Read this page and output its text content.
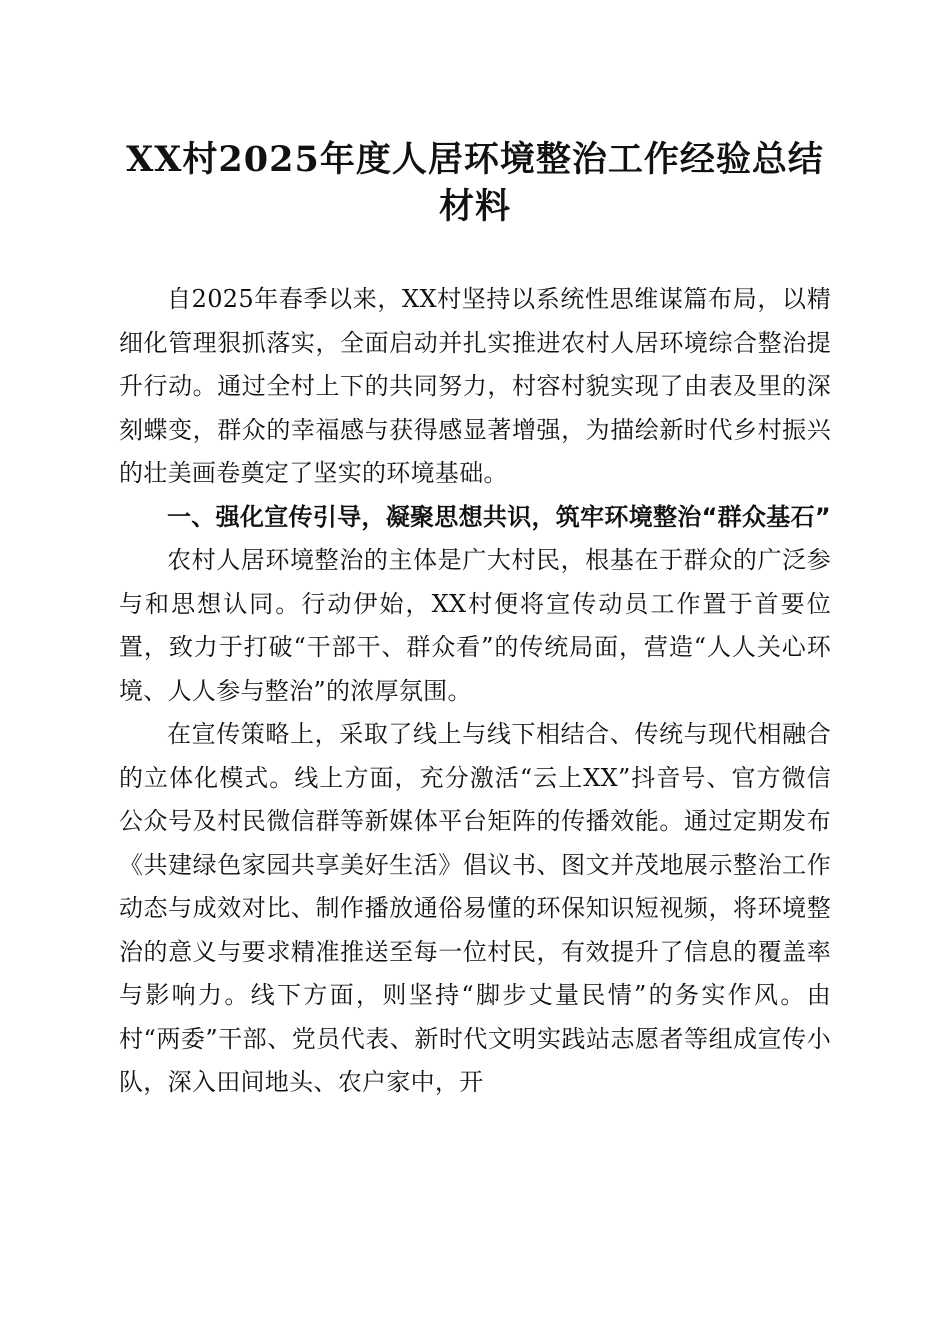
XX村2025年度人居环境整治工作经验总结材料

自2025年春季以来，XX村坚持以系统性思维谋篇布局，以精细化管理狠抓落实，全面启动并扎实推进农村人居环境综合整治提升行动。通过全村上下的共同努力，村容村貌实现了由表及里的深刻蝶变，群众的幸福感与获得感显著增强，为描绘新时代乡村振兴的壮美画卷奠定了坚实的环境基础。

一、强化宣传引导，凝聚思想共识，筑牢环境整治“群众基石”

农村人居环境整治的主体是广大村民，根基在于群众的广泛参与和思想认同。行动伊始，XX村便将宣传动员工作置于首要位置，致力于打破“干部干、群众看”的传统局面，营造“人人关心环境、人人参与整治”的浓厚氛围。

在宣传策略上，采取了线上与线下相结合、传统与现代相融合的立体化模式。线上方面，充分激活“云上XX”抖音号、官方微信公众号及村民微信群等新媒体平台矩阵的传播效能。通过定期发布《共建绿色家园共享美好生活》倡议书、图文并茂地展示整治工作动态与成效对比、制作播放通俗易懂的环保知识短视频，将环境整治的意义与要求精准推送至每一位村民，有效提升了信息的覆盖率与影响力。线下方面，则坚持“脚步丈量民情”的务实作风。由村“两委”干部、党员代表、新时代文明实践站志愿者等组成宣传小队，深入田间地头、农户家中，开
